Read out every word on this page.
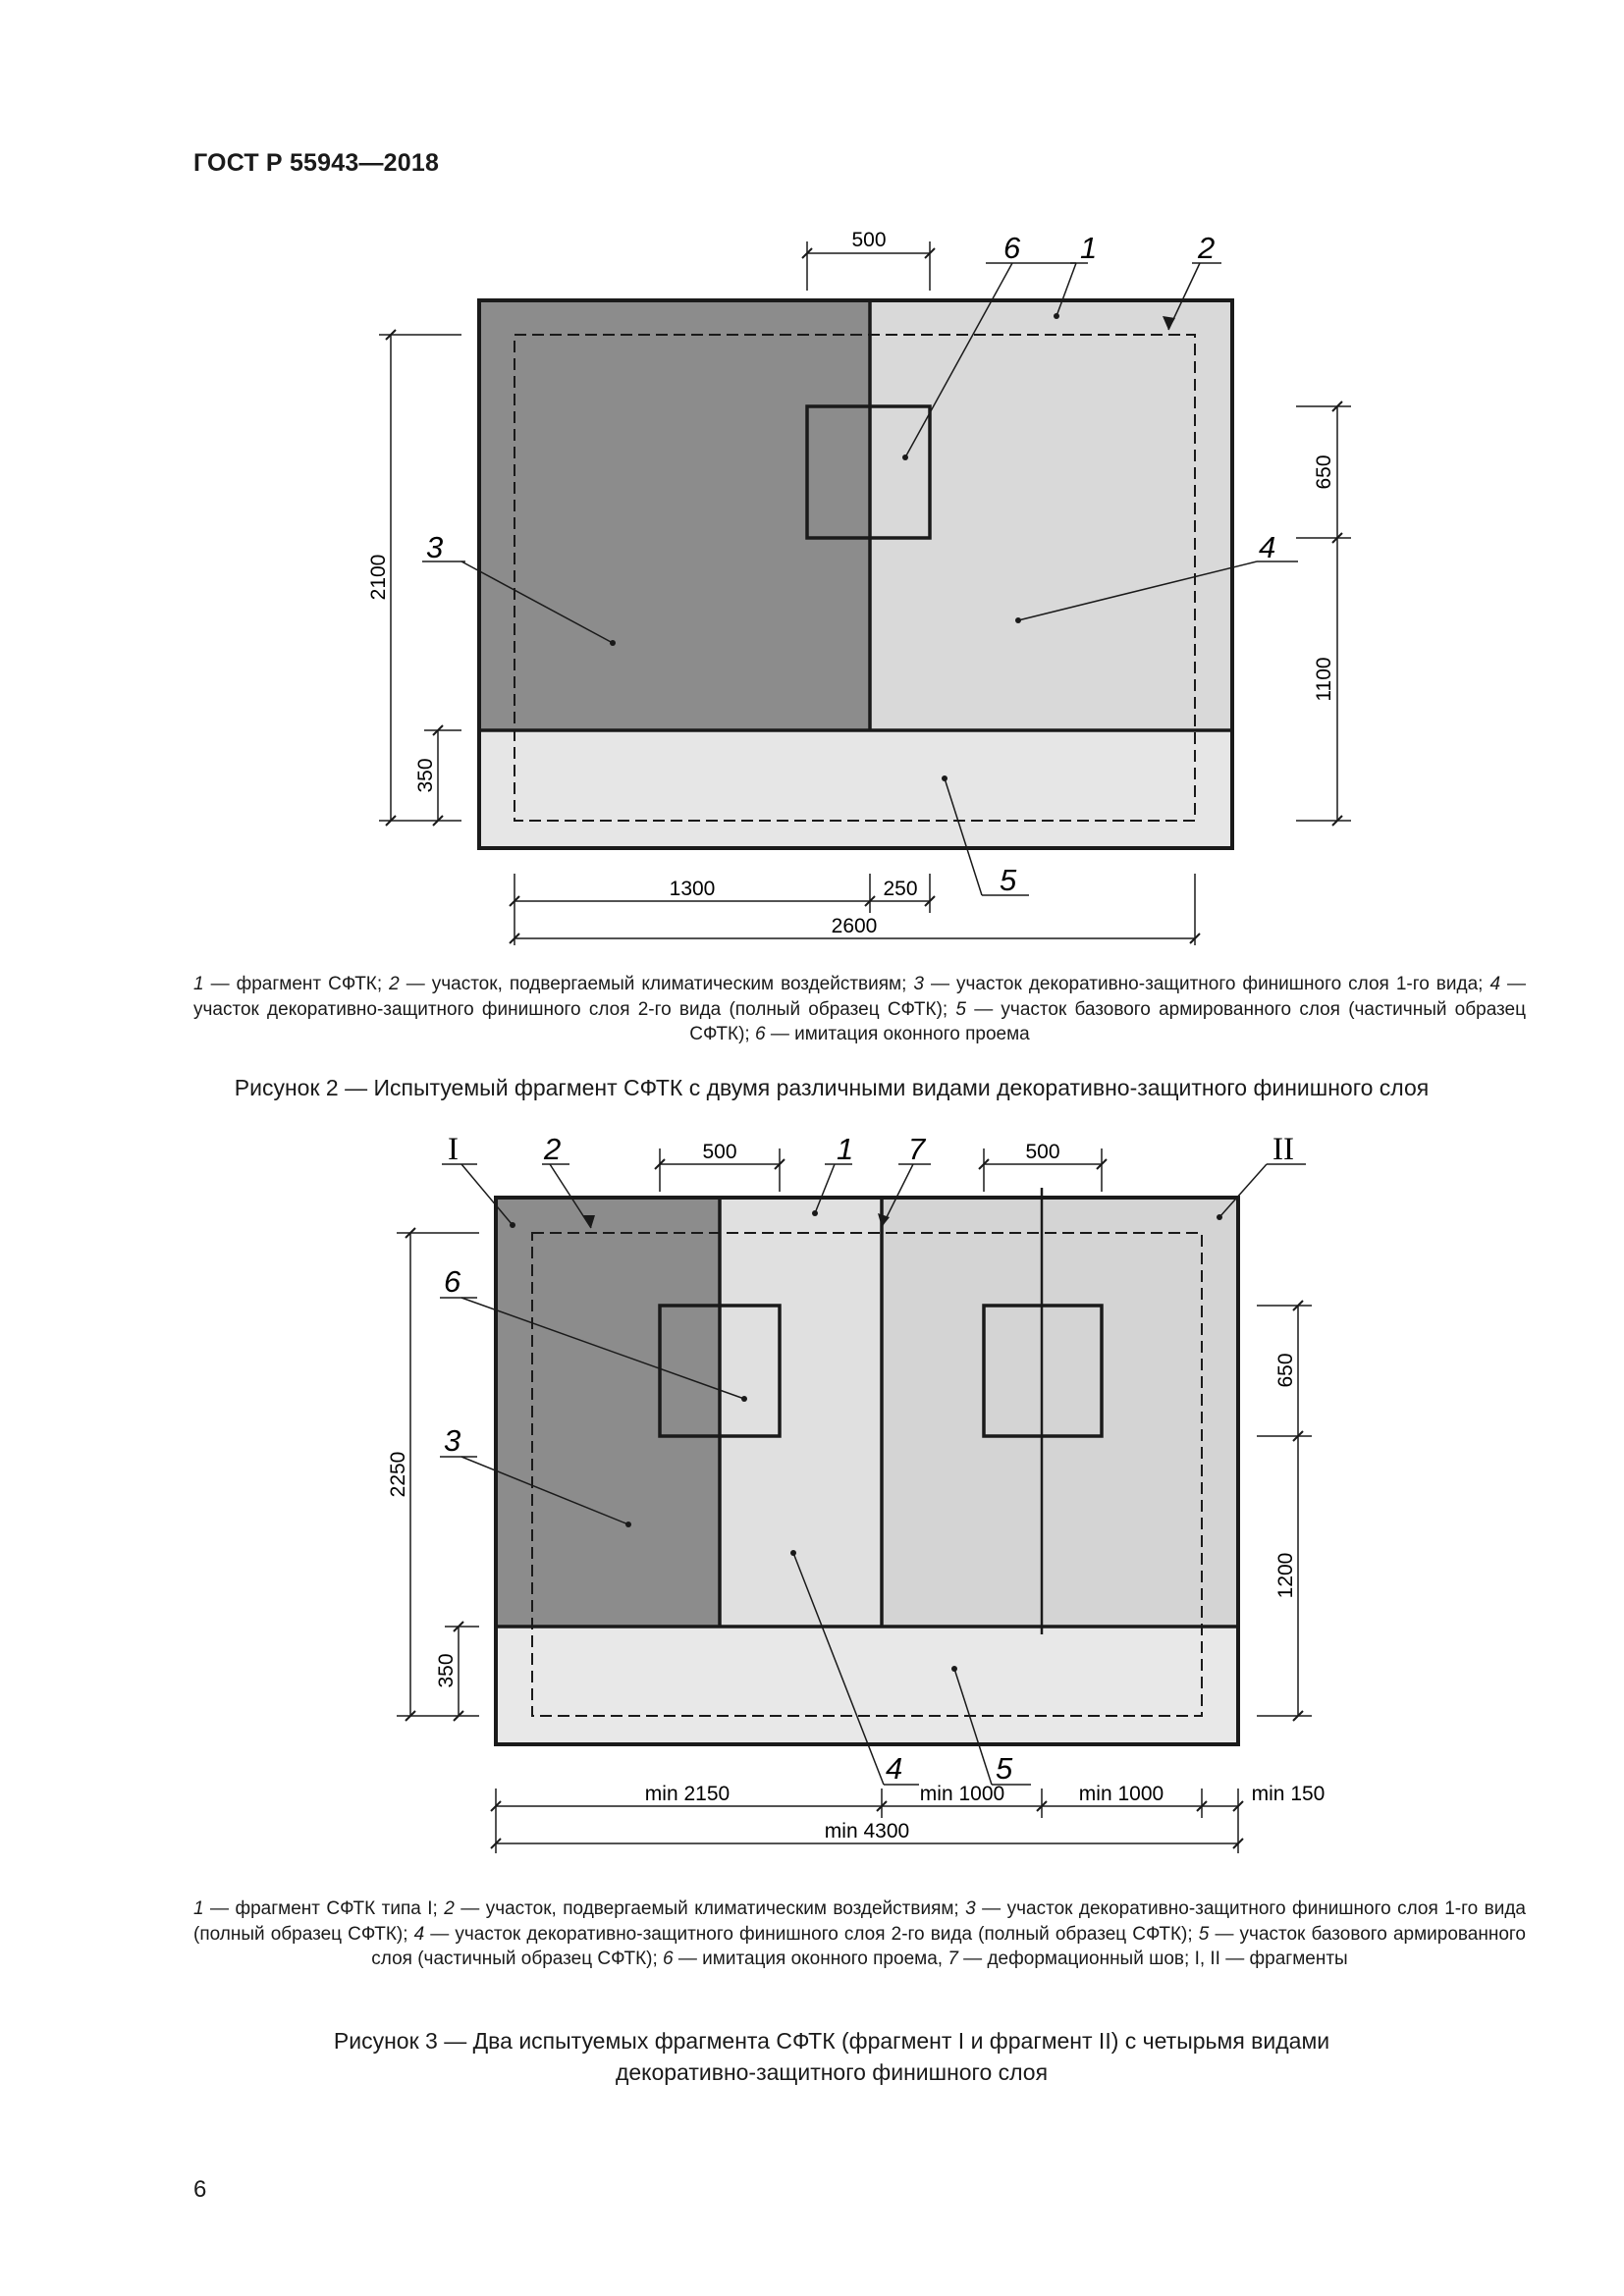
ГОСТ Р 55943—2018
6 1	2
3	4
5
500
2100
350
650
1100
1300	250
2600
1 — фрагмент СФТК; 2 — участок, подвергаемый климатическим воздействиям; 3 — участок декоративно-защитного финишного слоя 1-го вида; 4 — участок декоративно-защитного финишного слоя 2-го вида (полный образец СФТК); 5 — участок базового армированного слоя (частичный образец СФТК); 6 — имитация оконного проема
Рисунок 2 — Испытуемый фрагмент СФТК с двумя различными видами декоративно-защитного финишного слоя
I	II
2	1 7
6
3
4	5
500	500
2250
350
650
1200
min 2150	min 1000	min 1000	min 150
min 4300
1 — фрагмент СФТК типа I; 2 — участок, подвергаемый климатическим воздействиям; 3 — участок декоративно-защитного финишного слоя 1-го вида (полный образец СФТК); 4 — участок декоративно-защитного финишного слоя 2-го вида (полный образец СФТК); 5 — участок базового армированного слоя (частичный образец СФТК); 6 — имитация оконного проема, 7 — деформационный шов; I, II — фрагменты
Рисунок 3 — Два испытуемых фрагмента СФТК (фрагмент I и фрагмент II) с четырьмя видами
декоративно-защитного финишного слоя
6
